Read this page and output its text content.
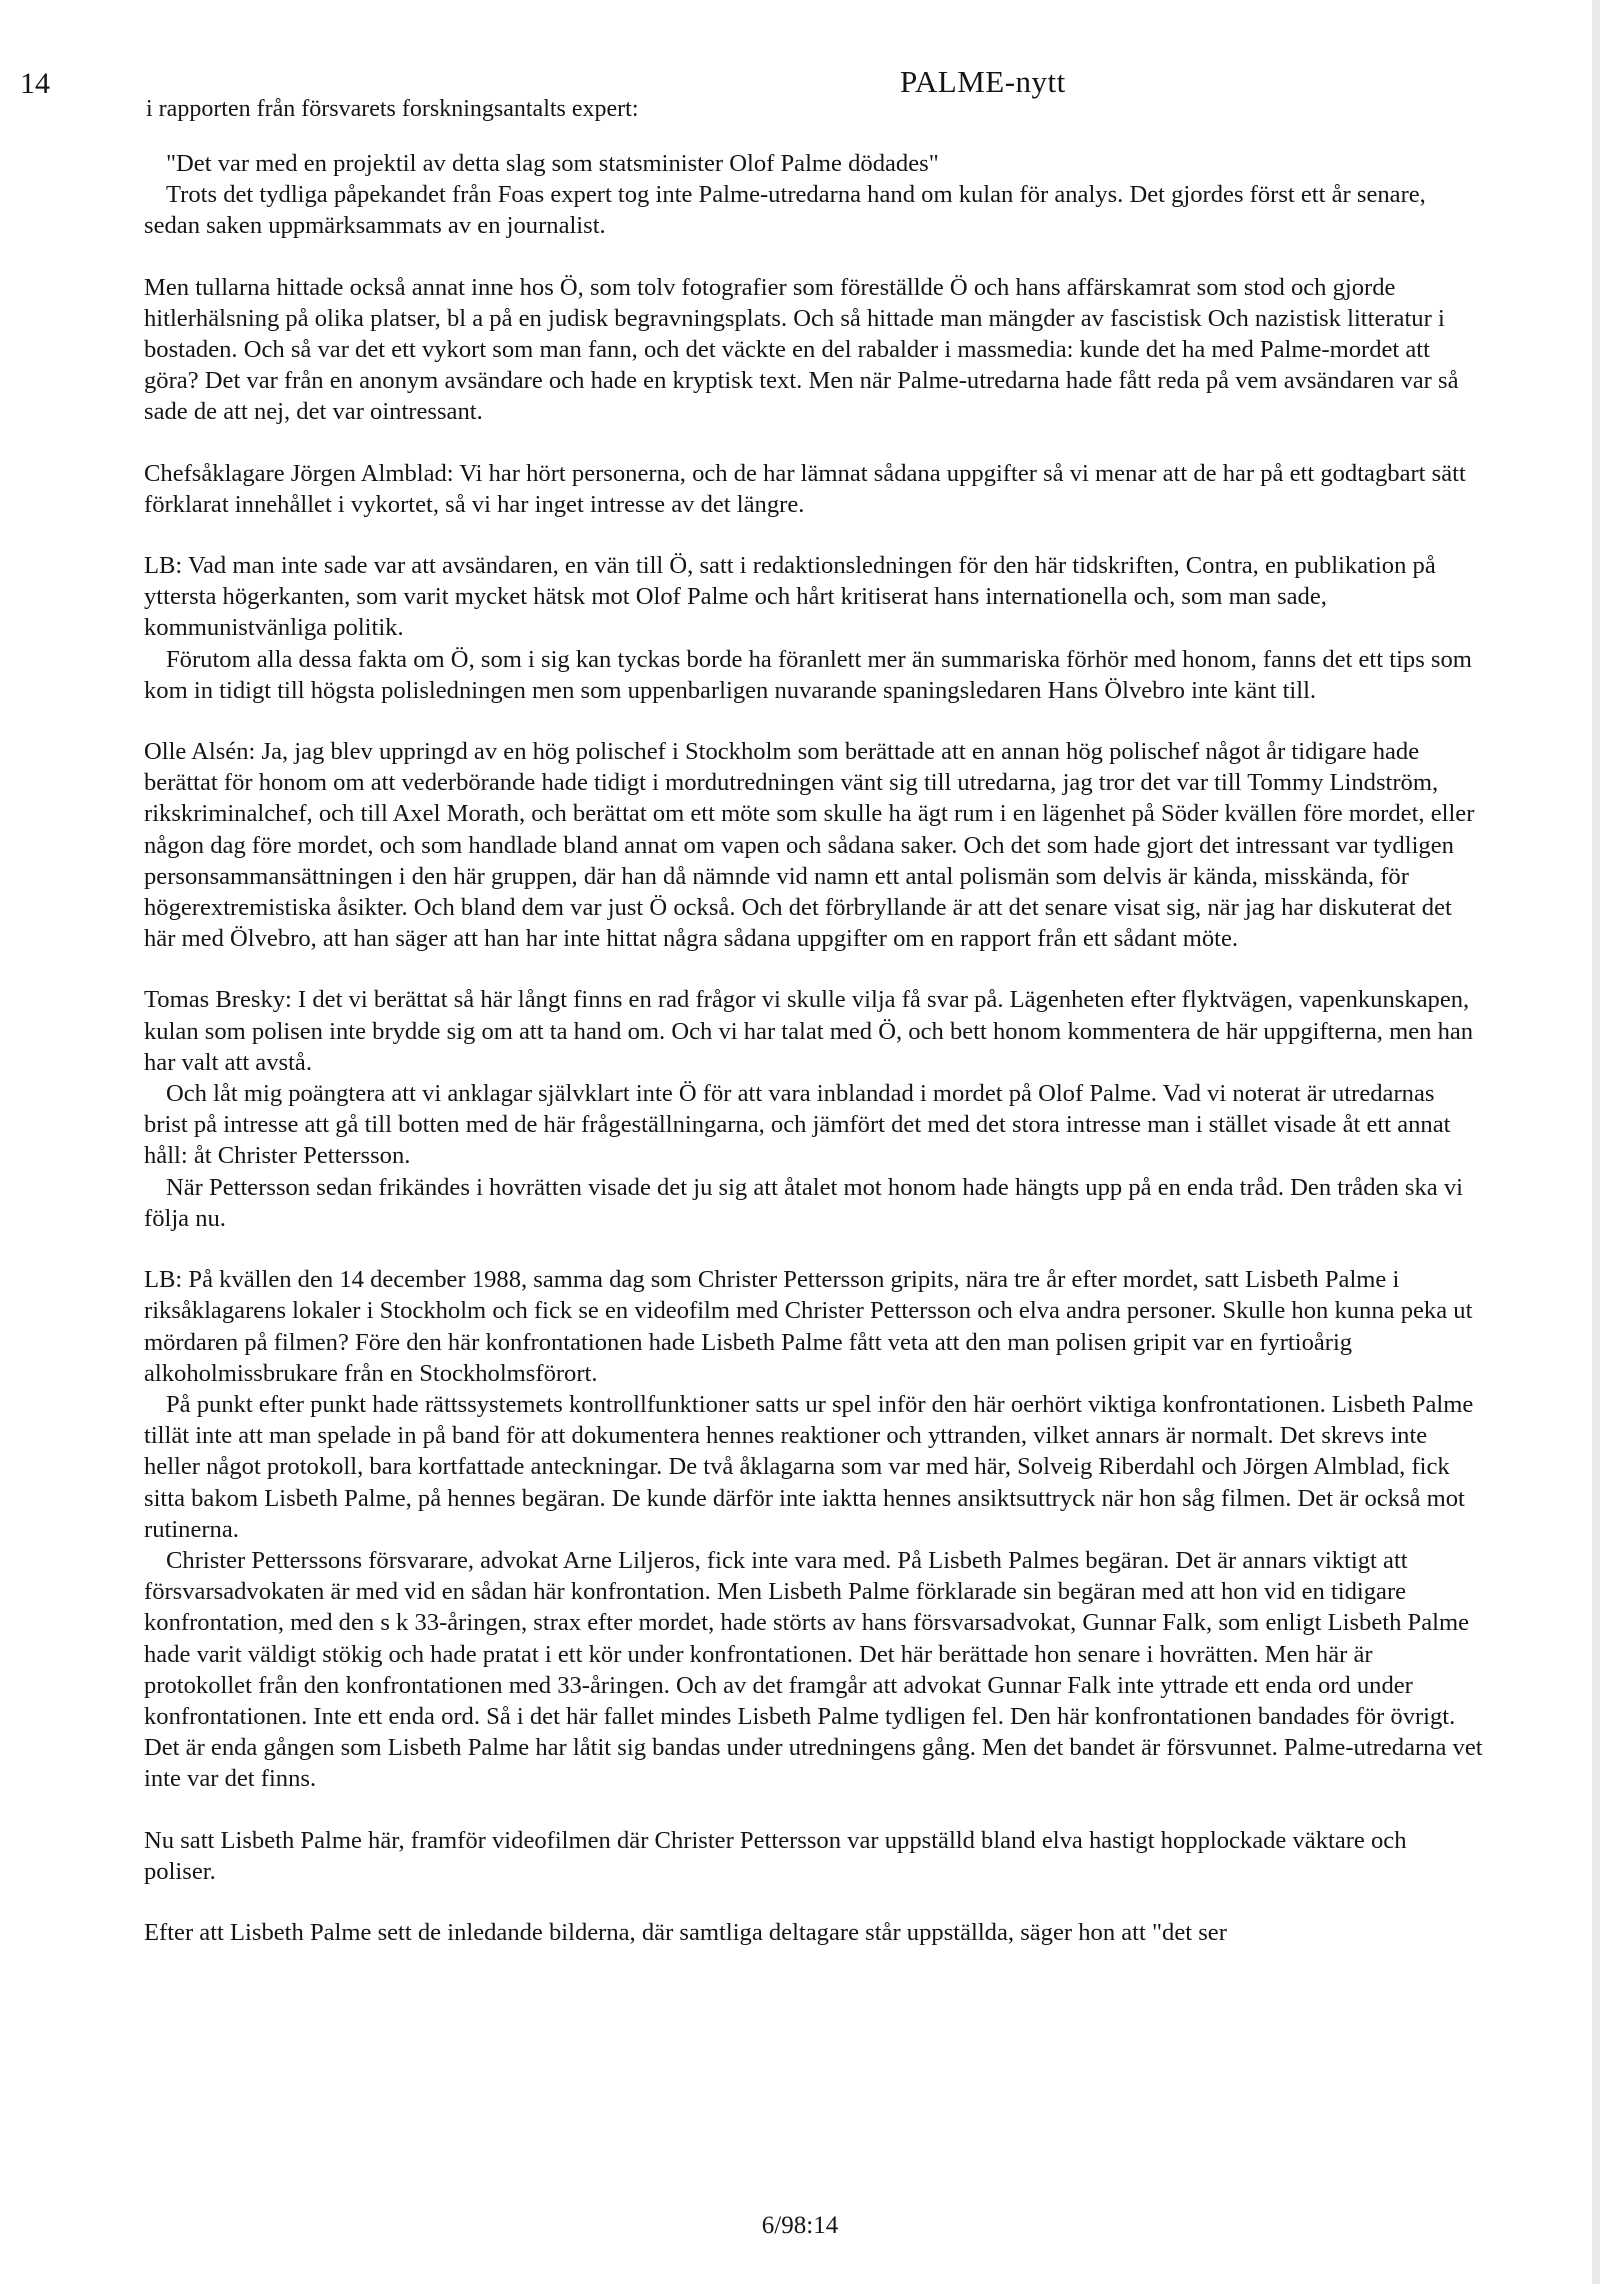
14	PALME-nytt
i rapporten från försvarets forskningsantalts expert:

"Det var med en projektil av detta slag som statsminister Olof Palme dödades"

Trots det tydliga påpekandet från Foas expert tog inte Palme-utredarna hand om kulan för analys. Det gjordes först ett år senare, sedan saken uppmärksammats av en journalist.

Men tullarna hittade också annat inne hos Ö, som tolv fotografier som föreställde Ö och hans affärskamrat som stod och gjorde hitlerhälsning på olika platser, bl a på en judisk begravningsplats. Och så hittade man mängder av fascistisk Och nazistisk litteratur i bostaden. Och så var det ett vykort som man fann, och det väckte en del rabalder i massmedia: kunde det ha med Palme-mordet att göra? Det var från en anonym avsändare och hade en kryptisk text. Men när Palme-utredarna hade fått reda på vem avsändaren var så sade de att nej, det var ointressant.

Chefsåklagare Jörgen Almblad: Vi har hört personerna, och de har lämnat sådana uppgifter så vi menar att de har på ett godtagbart sätt förklarat innehållet i vykortet, så vi har inget intresse av det längre.

LB: Vad man inte sade var att avsändaren, en vän till Ö, satt i redaktionsledningen för den här tidskriften, Contra, en publikation på yttersta högerkanten, som varit mycket hätsk mot Olof Palme och hårt kritiserat hans internationella och, som man sade, kommunistvänliga politik.

Förutom alla dessa fakta om Ö, som i sig kan tyckas borde ha föranlett mer än summariska förhör med honom, fanns det ett tips som kom in tidigt till högsta polisledningen men som uppenbarligen nuvarande spaningsledaren Hans Ölvebro inte känt till.

Olle Alsén: Ja, jag blev uppringd av en hög polischef i Stockholm som berättade att en annan hög polischef något år tidigare hade berättat för honom om att vederbörande hade tidigt i mordutredningen vänt sig till utredarna, jag tror det var till Tommy Lindström, rikskriminalchef, och till Axel Morath, och berättat om ett möte som skulle ha ägt rum i en lägenhet på Söder kvällen före mordet, eller någon dag före mordet, och som handlade bland annat om vapen och sådana saker. Och det som hade gjort det intressant var tydligen personsammansättningen i den här gruppen, där han då nämnde vid namn ett antal polismän som delvis är kända, misskända, för högerextremistiska åsikter. Och bland dem var just Ö också. Och det förbryllande är att det senare visat sig, när jag har diskuterat det här med Ölvebro, att han säger att han har inte hittat några sådana uppgifter om en rapport från ett sådant möte.

Tomas Bresky: I det vi berättat så här långt finns en rad frågor vi skulle vilja få svar på. Lägenheten efter flyktvägen, vapenkunskapen, kulan som polisen inte brydde sig om att ta hand om. Och vi har talat med Ö, och bett honom kommentera de här uppgifterna, men han har valt att avstå.

Och låt mig poängtera att vi anklagar självklart inte Ö för att vara inblandad i mordet på Olof Palme. Vad vi noterat är utredarnas brist på intresse att gå till botten med de här frågeställningarna, och jämfört det med det stora intresse man i stället visade åt ett annat håll: åt Christer Pettersson.

När Pettersson sedan frikändes i hovrätten visade det ju sig att åtalet mot honom hade hängts upp på en enda tråd. Den tråden ska vi följa nu.

LB: På kvällen den 14 december 1988, samma dag som Christer Pettersson gripits, nära tre år efter mordet, satt Lisbeth Palme i riksåklagarens lokaler i Stockholm och fick se en videofilm med Christer Pettersson och elva andra personer. Skulle hon kunna peka ut mördaren på filmen? Före den här konfrontationen hade Lisbeth Palme fått veta att den man polisen gripit var en fyrtioårig alkoholmissbrukare från en Stockholmsförort.

På punkt efter punkt hade rättssystemets kontrollfunktioner satts ur spel inför den här oerhört viktiga konfrontationen. Lisbeth Palme tillät inte att man spelade in på band för att dokumentera hennes reaktioner och yttranden, vilket annars är normalt. Det skrevs inte heller något protokoll, bara kortfattade anteckningar. De två åklagarna som var med här, Solveig Riberdahl och Jörgen Almblad, fick sitta bakom Lisbeth Palme, på hennes begäran. De kunde därför inte iaktta hennes ansiktsuttryck när hon såg filmen. Det är också mot rutinerna.

Christer Petterssons försvarare, advokat Arne Liljeros, fick inte vara med. På Lisbeth Palmes begäran. Det är annars viktigt att försvarsadvokaten är med vid en sådan här konfrontation. Men Lisbeth Palme förklarade sin begäran med att hon vid en tidigare konfrontation, med den s k 33-åringen, strax efter mordet, hade störts av hans försvarsadvokat, Gunnar Falk, som enligt Lisbeth Palme hade varit väldigt stökig och hade pratat i ett kör under konfrontationen. Det här berättade hon senare i hovrätten. Men här är protokollet från den konfrontationen med 33-åringen. Och av det framgår att advokat Gunnar Falk inte yttrade ett enda ord under konfrontationen. Inte ett enda ord. Så i det här fallet mindes Lisbeth Palme tydligen fel. Den här konfrontationen bandades för övrigt. Det är enda gången som Lisbeth Palme har låtit sig bandas under utredningens gång. Men det bandet är försvunnet. Palme-utredarna vet inte var det finns.

Nu satt Lisbeth Palme här, framför videofilmen där Christer Pettersson var uppställd bland elva hastigt hopplockade väktare och poliser.

Efter att Lisbeth Palme sett de inledande bilderna, där samtliga deltagare står uppställda, säger hon att "det ser

6/98:14
